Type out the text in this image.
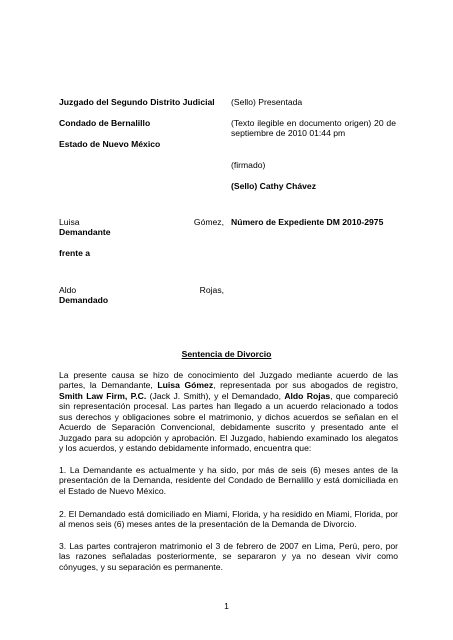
Juzgado del Segundo Distrito Judicial
Condado de Bernalillo
Estado de Nuevo México
(Sello) Presentada
(Texto ilegible en documento origen) 20 de septiembre de 2010 01:44 pm
(firmado)
(Sello) Cathy Chávez
Luisa	Gómez,
Demandante
Número de Expediente DM 2010-2975
frente a
Aldo	Rojas,
Demandado
Sentencia de Divorcio

La presente causa se hizo de conocimiento del Juzgado mediante acuerdo de las partes, la Demandante, Luisa Gómez, representada por sus abogados de registro, Smith Law Firm, P.C. (Jack J. Smith), y el Demandado, Aldo Rojas, que compareció sin representación procesal. Las partes han llegado a un acuerdo relacionado a todos sus derechos y obligaciones sobre el matrimonio, y dichos acuerdos se señalan en el Acuerdo de Separación Convencional, debidamente suscrito y presentado ante el Juzgado para su adopción y aprobación. El Juzgado, habiendo examinado los alegatos y los acuerdos, y estando debidamente informado, encuentra que:

1. La Demandante es actualmente y ha sido, por más de seis (6) meses antes de la presentación de la Demanda, residente del Condado de Bernalillo y está domiciliada en el Estado de Nuevo México.
2. El Demandado está domiciliado en Miami, Florida, y ha residido en Miami, Florida, por al menos seis (6) meses antes de la presentación de la Demanda de Divorcio.
3. Las partes contrajeron matrimonio el 3 de febrero de 2007 en Lima, Perú, pero, por las razones señaladas posteriormente, se separaron y ya no desean vivir como cónyuges, y su separación es permanente.
1
